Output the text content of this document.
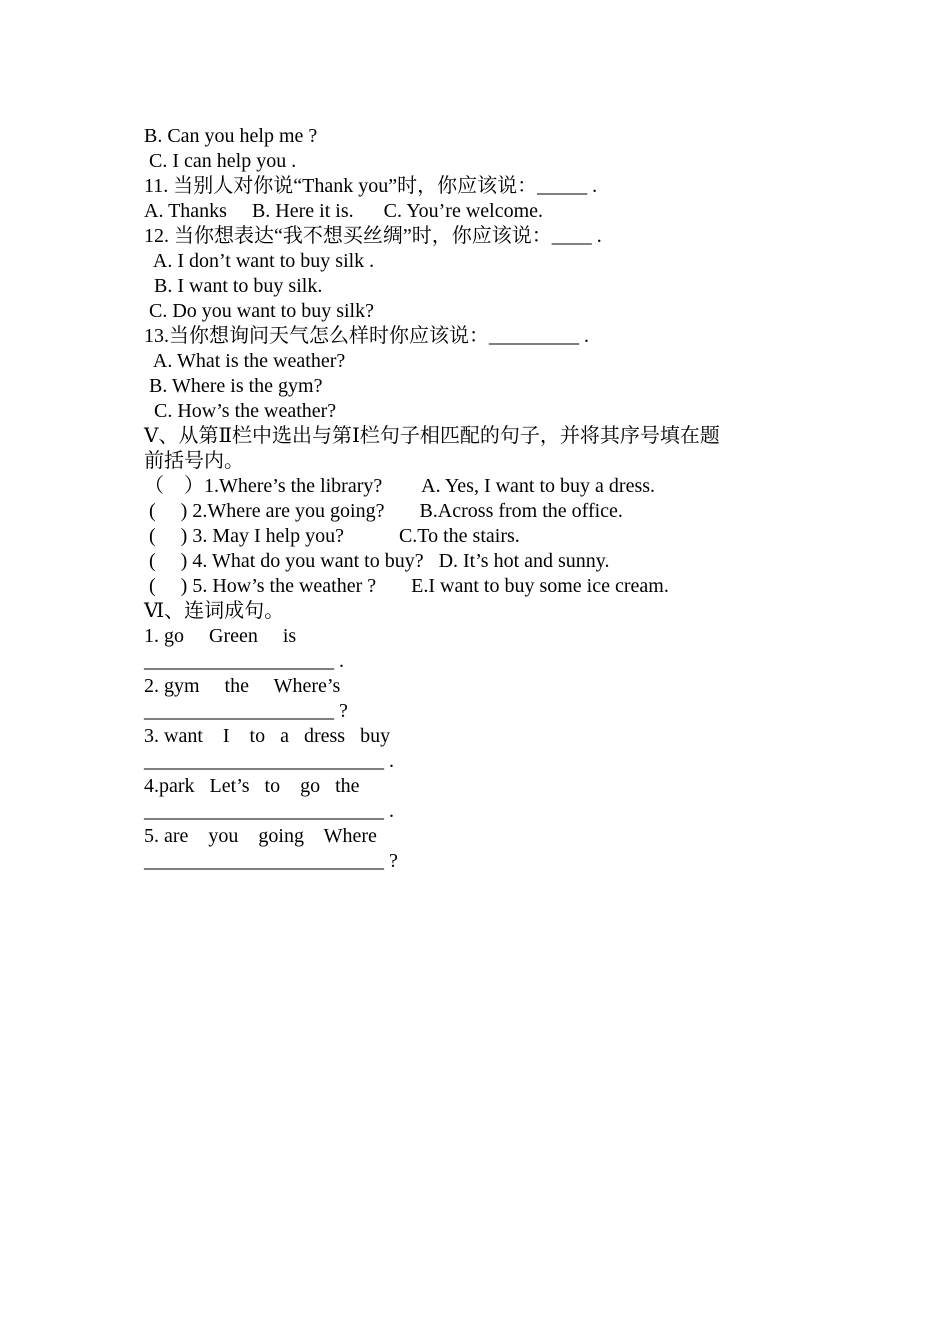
B. Can you help me ?
C. I can help you .
11. 当别人对你说“Thank you”时，你应该说：_____ .
A. Thanks     B. Here it is.      C. You’re welcome.
12. 当你想表达“我不想买丝绸”时，你应该说：____ .
A. I don’t want to buy silk .
B. I want to buy silk.
C. Do you want to buy silk?
13.当你想询问天气怎么样时你应该说：_________ .
A. What is the weather?
B. Where is the gym?
C. How’s the weather?
Ⅴ、从第Ⅱ栏中选出与第Ⅰ栏句子相匹配的句子，并将其序号填在题
前括号内。
（    ）1.Where’s the library?        A. Yes, I want to buy a dress.
(     ) 2.Where are you going?       B.Across from the office.
(     ) 3. May I help you?           C.To the stairs.
(     ) 4. What do you want to buy?   D. It’s hot and sunny.
(     ) 5. How’s the weather ?       E.I want to buy some ice cream.
Ⅵ、连词成句。
1. go     Green     is
___________________ .
2. gym     the     Where’s
___________________ ?
3. want    I    to   a   dress   buy
________________________ .
4.park   Let’s   to    go   the
________________________ .
5. are    you    going    Where
________________________ ?
